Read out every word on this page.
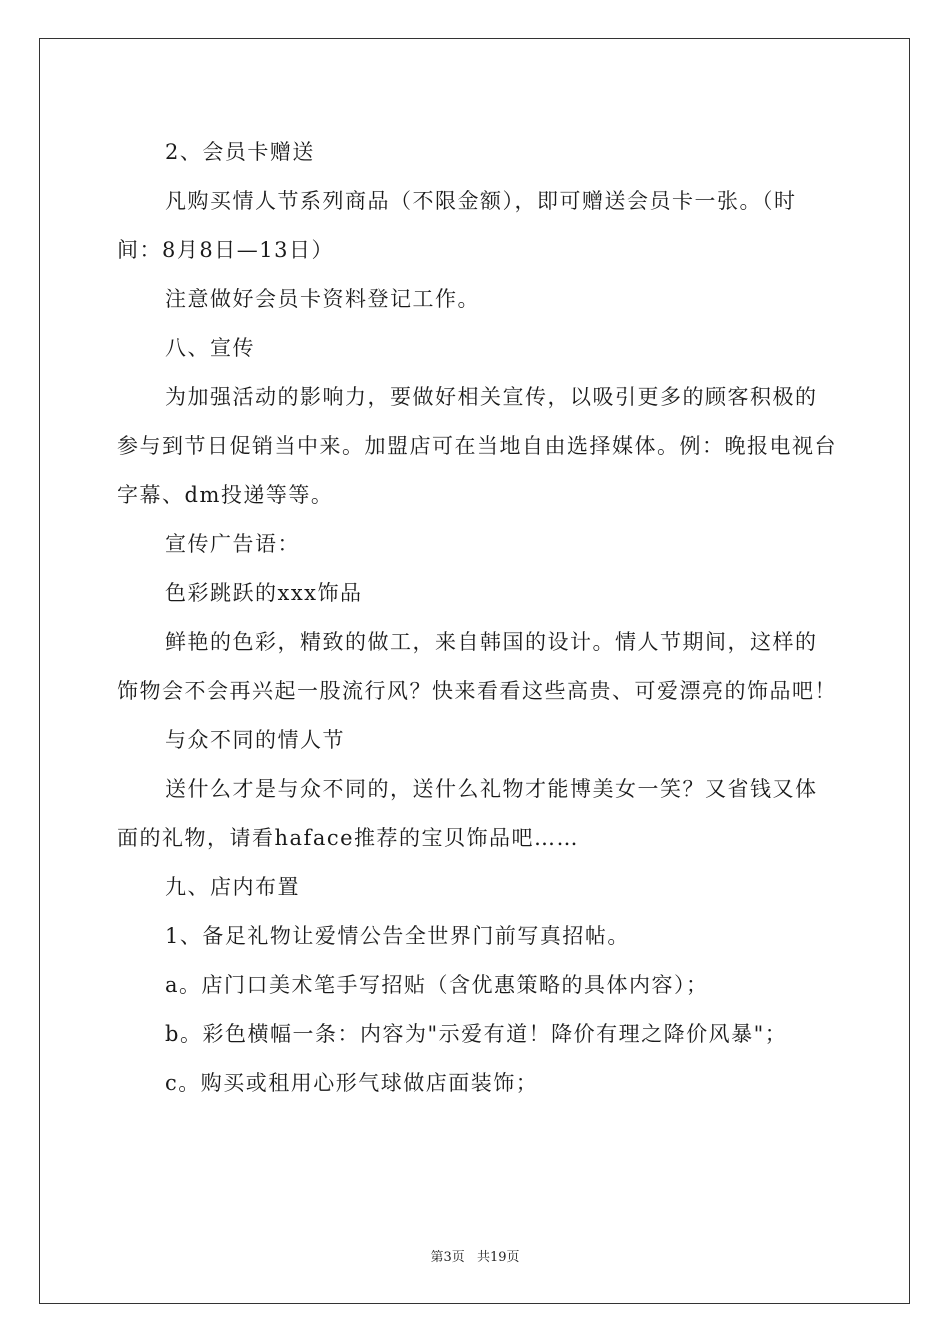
2、会员卡赠送

凡购买情人节系列商品（不限金额），即可赠送会员卡一张。（时间：8月8日—13日）

注意做好会员卡资料登记工作。

八、宣传

为加强活动的影响力，要做好相关宣传，以吸引更多的顾客积极的参与到节日促销当中来。加盟店可在当地自由选择媒体。例：晚报电视台字幕、dm投递等等。

宣传广告语：

色彩跳跃的xxx饰品

鲜艳的色彩，精致的做工，来自韩国的设计。情人节期间，这样的饰物会不会再兴起一股流行风？快来看看这些高贵、可爱漂亮的饰品吧！

与众不同的情人节

送什么才是与众不同的，送什么礼物才能博美女一笑？又省钱又体面的礼物，请看haface推荐的宝贝饰品吧……

九、店内布置

1、备足礼物让爱情公告全世界门前写真招帖。

a。店门口美术笔手写招贴（含优惠策略的具体内容）；

b。彩色横幅一条：内容为"示爱有道！降价有理之降价风暴"；

c。购买或租用心形气球做店面装饰；

第3页 共19页
